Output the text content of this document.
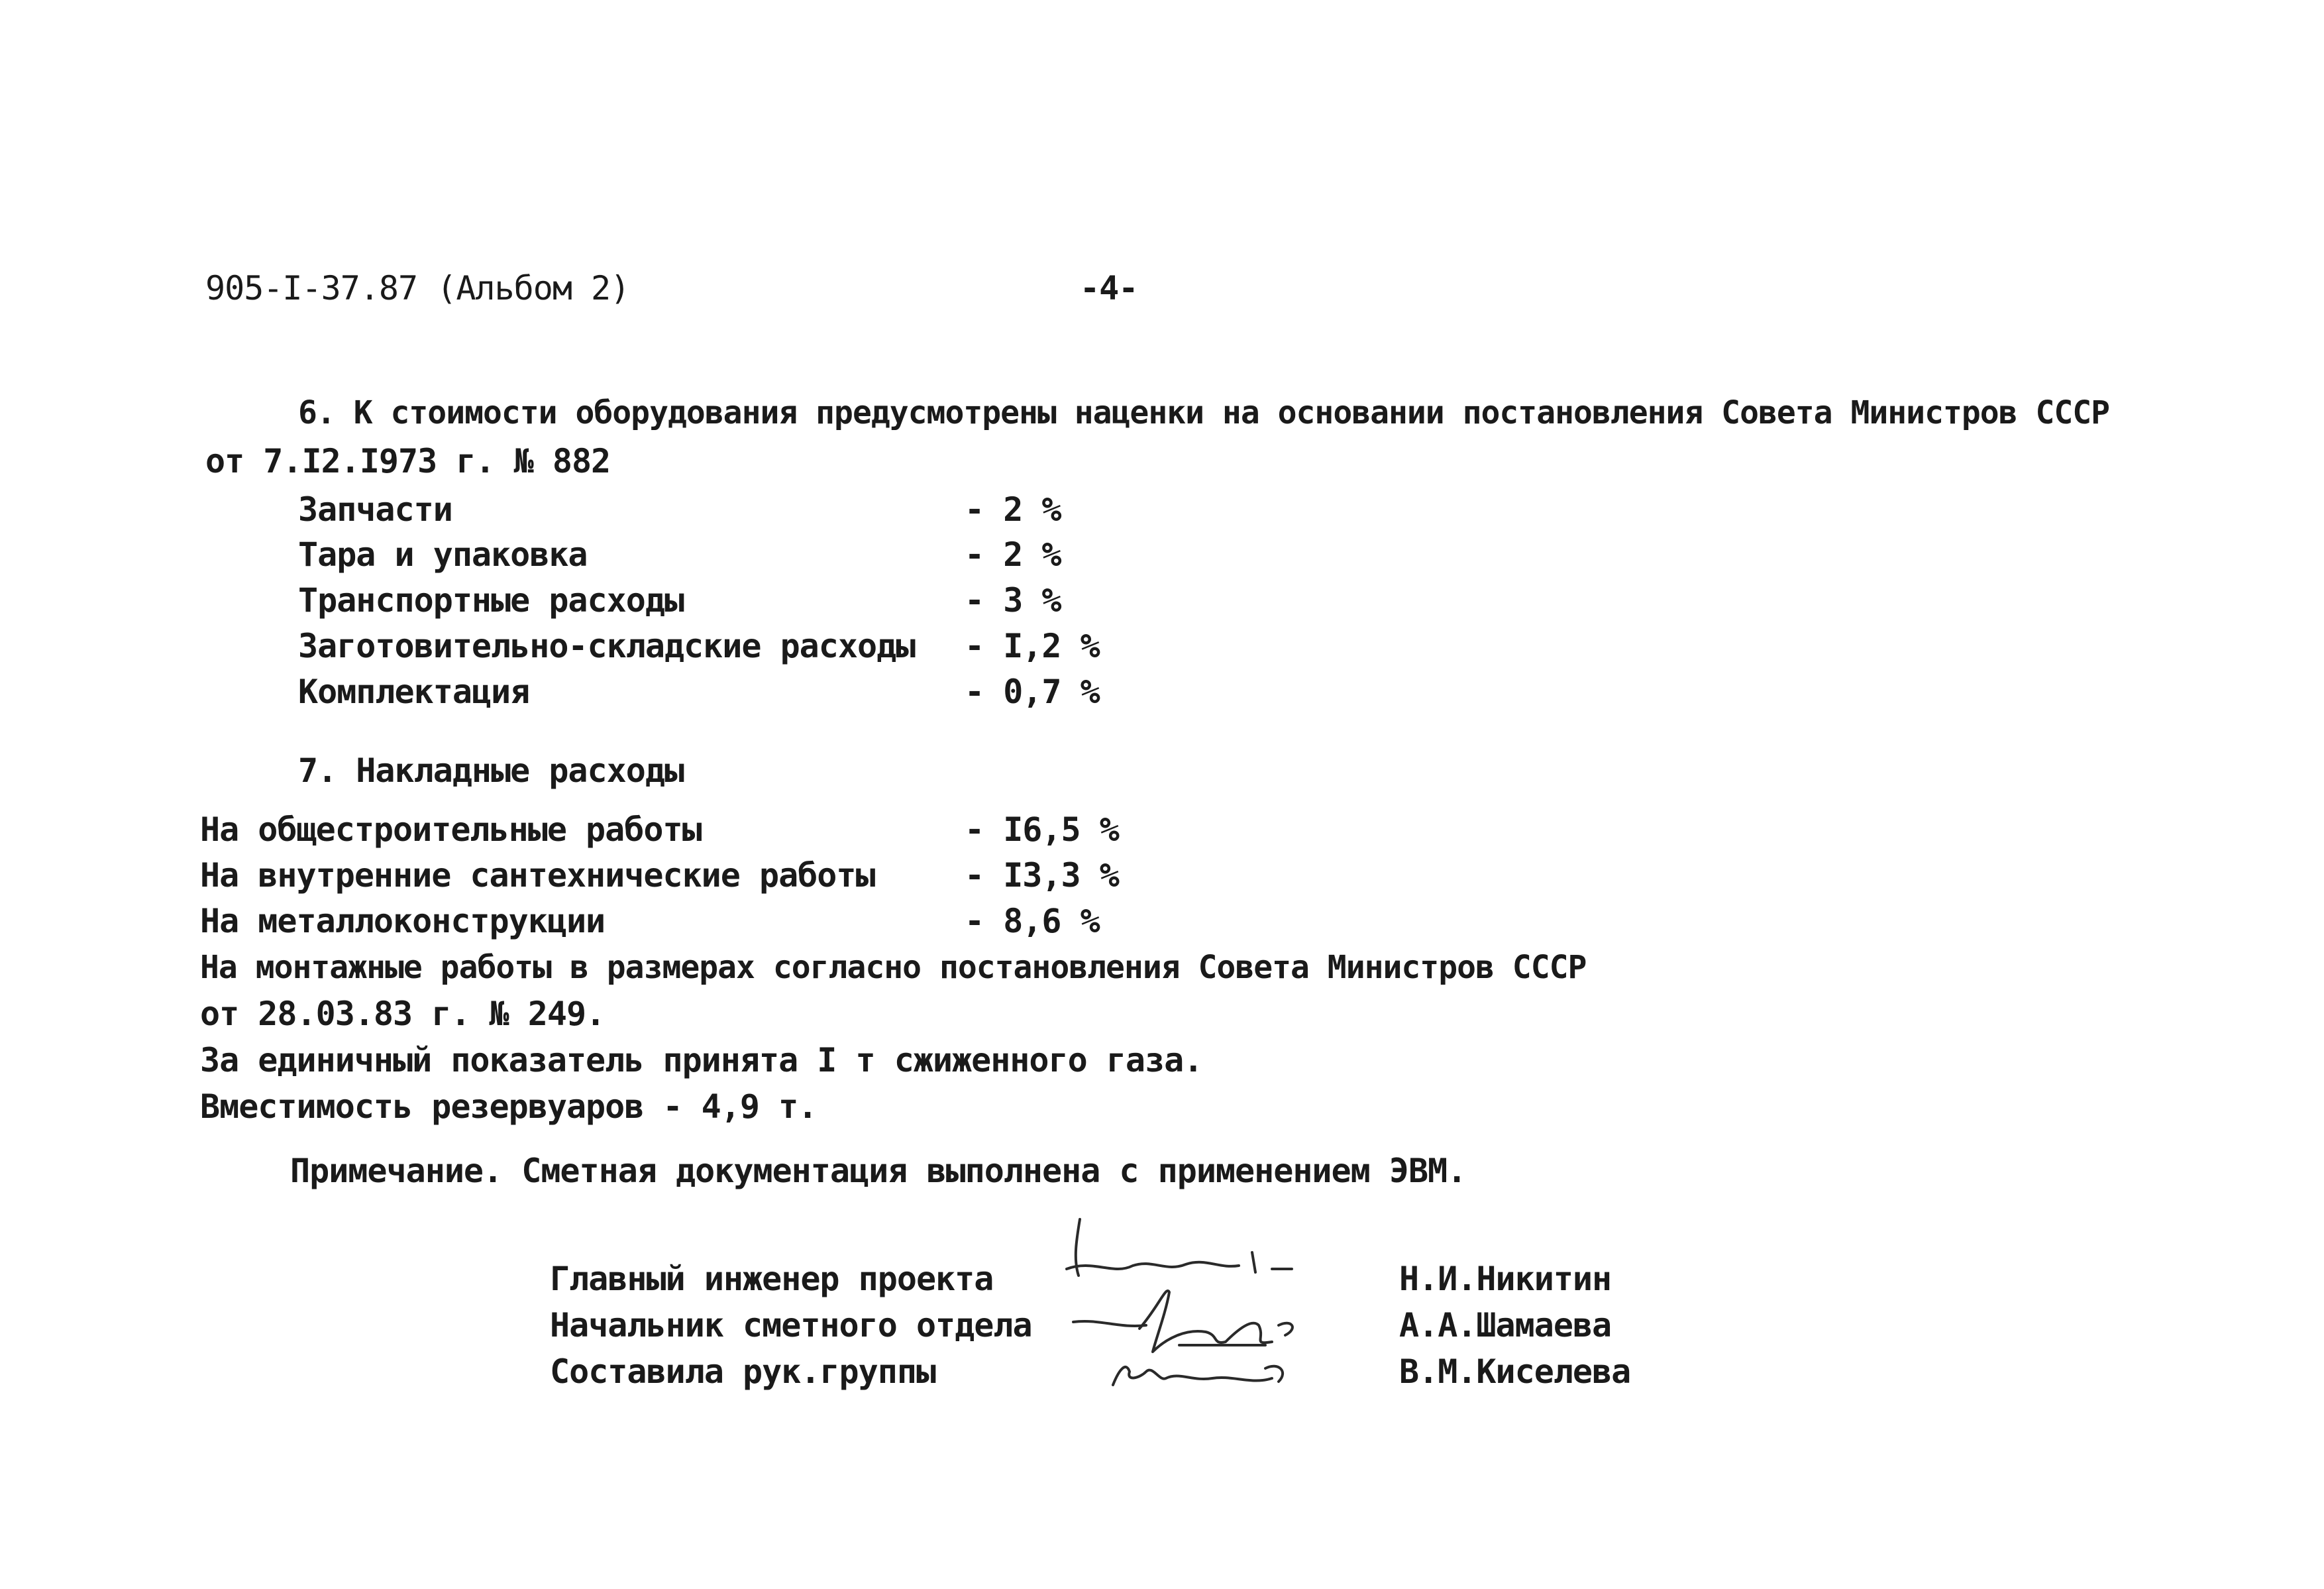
905-I-37.87 (Альбом 2)	-4-
6. К стоимости оборудования предусмотрены наценки на основании постановления Совета Министров СССР
от 7.I2.I973 г. № 882
Запчасти	- 2 %
Тара и упаковка	- 2 %
Транспортные расходы	- 3 %
Заготовительно-складские расходы - I,2 %
Комплектация	- 0,7 %
7. Накладные расходы
На общестроительные работы	- I6,5 %
На внутренние сантехнические работы	- I3,3 %
На металлоконструкции	- 8,6 %
На монтажные работы в размерах согласно постановления Совета Министров СССР
от 28.03.83 г. № 249.
За единичный показатель принята I т сжиженного газа.
Вместимость резервуаров - 4,9 т.
Примечание. Сметная документация выполнена с применением ЭВМ.
Главный инженер проекта	Н.И.Никитин
Начальник сметного отдела	А.А.Шамаева
Составила рук.группы	В.М.Киселева
